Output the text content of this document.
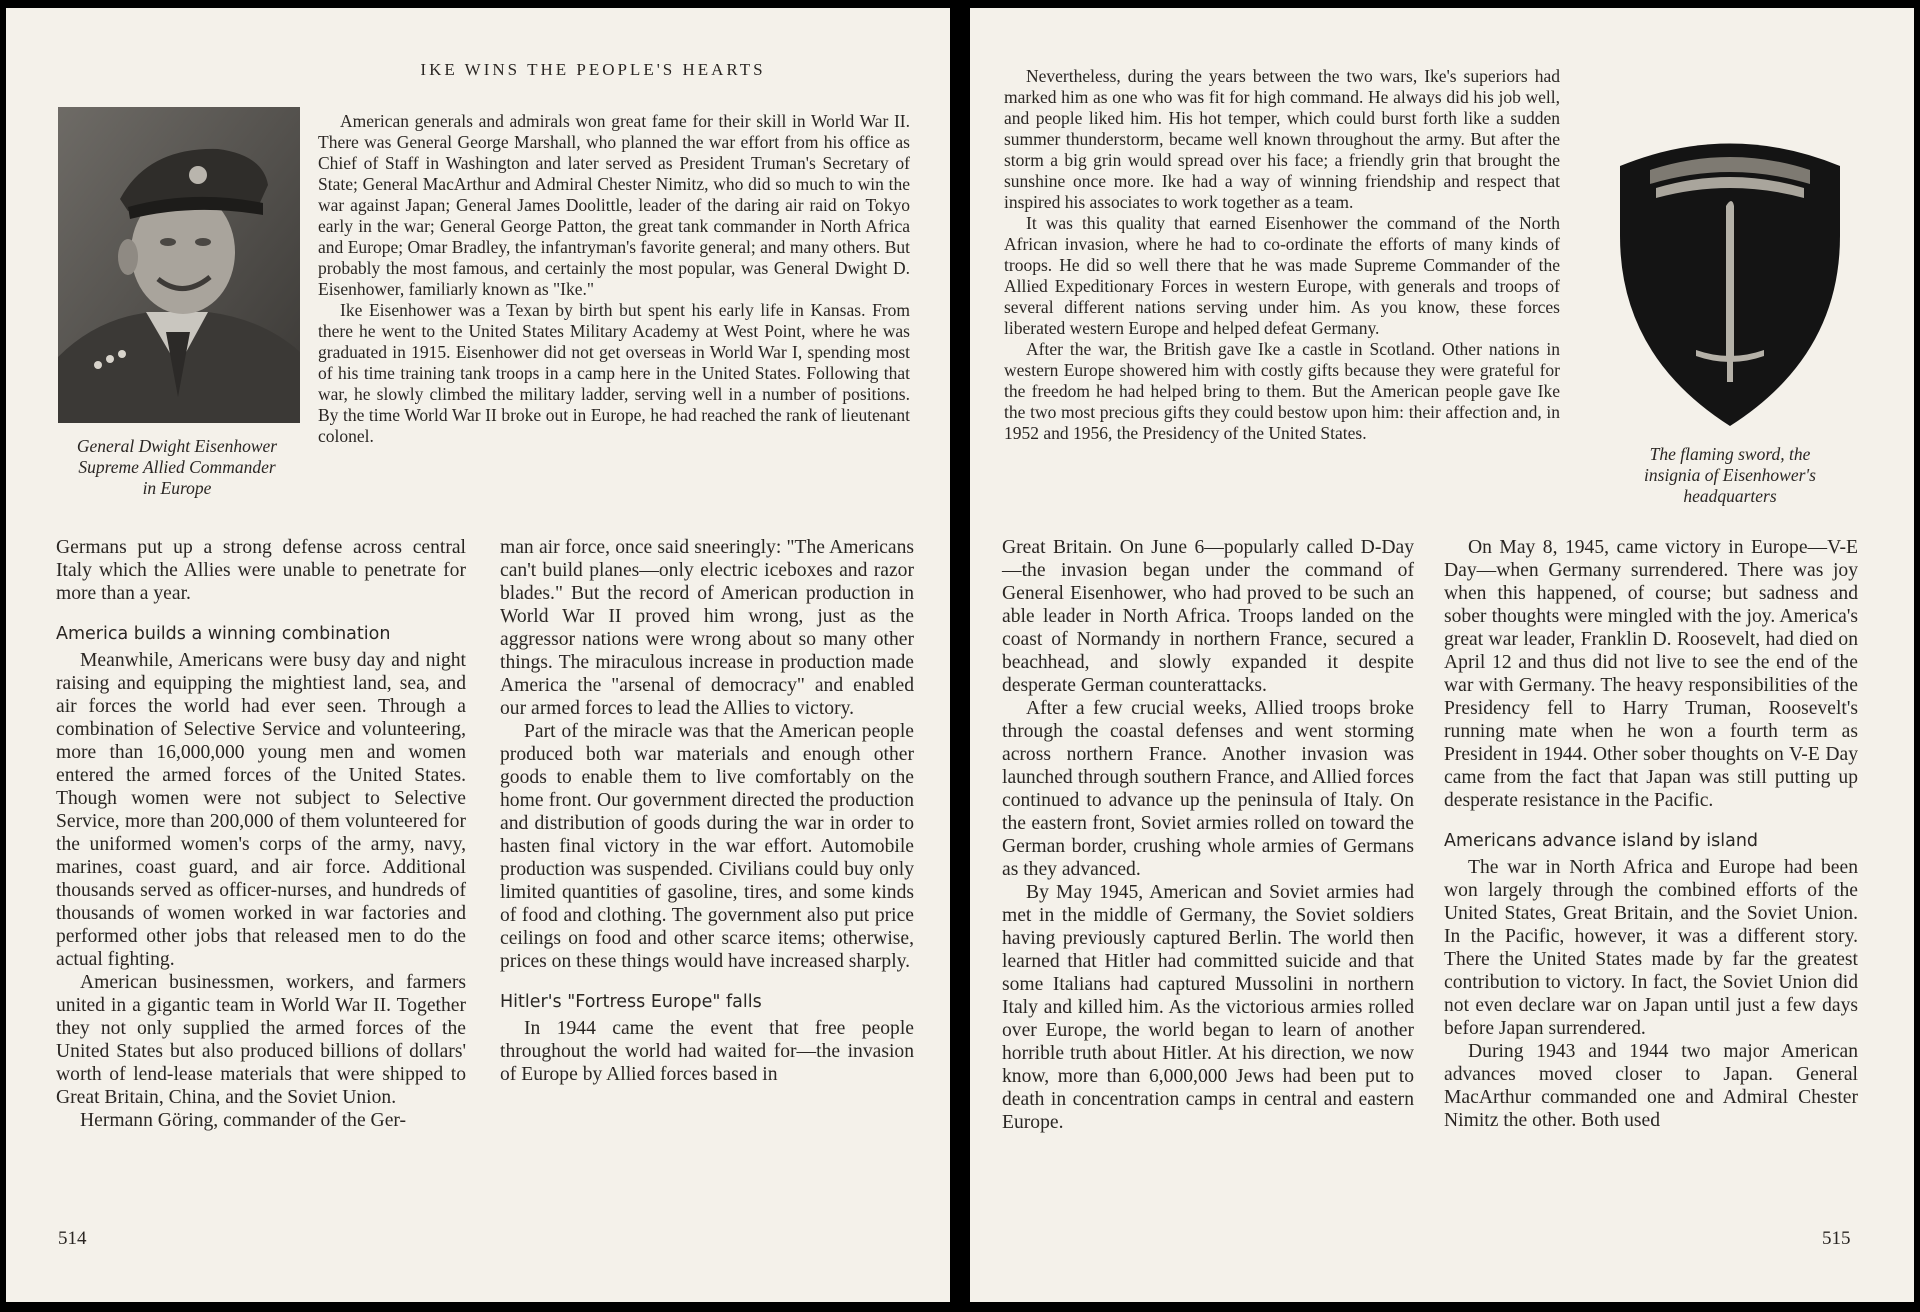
IKE WINS THE PEOPLE'S HEARTS
General Dwight Eisenhower
Supreme Allied Commander
in Europe

American generals and admirals won great fame for their skill in World War II. There was General George Marshall, who planned the war effort from his office as Chief of Staff in Washington and later served as President Truman's Secretary of State; General MacArthur and Admiral Chester Nimitz, who did so much to win the war against Japan; General James Doolittle, leader of the daring air raid on Tokyo early in the war; General George Patton, the great tank commander in North Africa and Europe; Omar Bradley, the infantryman's favorite general; and many others. But probably the most famous, and certainly the most popular, was General Dwight D. Eisenhower, familiarly known as "Ike."

Ike Eisenhower was a Texan by birth but spent his early life in Kansas. From there he went to the United States Military Academy at West Point, where he was graduated in 1915. Eisenhower did not get overseas in World War I, spending most of his time training tank troops in a camp here in the United States. Following that war, he slowly climbed the military ladder, serving well in a number of positions. By the time World War II broke out in Europe, he had reached the rank of lieutenant colonel.

Germans put up a strong defense across central Italy which the Allies were unable to penetrate for more than a year.

America builds a winning combination

Meanwhile, Americans were busy day and night raising and equipping the mightiest land, sea, and air forces the world had ever seen. Through a combination of Selective Service and volunteering, more than 16,000,000 young men and women entered the armed forces of the United States. Though women were not subject to Selective Service, more than 200,000 of them volunteered for the uniformed women's corps of the army, navy, marines, coast guard, and air force. Additional thousands served as officer-nurses, and hundreds of thousands of women worked in war factories and performed other jobs that released men to do the actual fighting.

American businessmen, workers, and farmers united in a gigantic team in World War II. Together they not only supplied the armed forces of the United States but also produced billions of dollars' worth of lend-lease materials that were shipped to Great Britain, China, and the Soviet Union.

Hermann Göring, commander of the Ger-

man air force, once said sneeringly: "The Americans can't build planes—only electric iceboxes and razor blades." But the record of American production in World War II proved him wrong, just as the aggressor nations were wrong about so many other things. The miraculous increase in production made America the "arsenal of democracy" and enabled our armed forces to lead the Allies to victory.

Part of the miracle was that the American people produced both war materials and enough other goods to enable them to live comfortably on the home front. Our government directed the production and distribution of goods during the war in order to hasten final victory in the war effort. Automobile production was suspended. Civilians could buy only limited quantities of gasoline, tires, and some kinds of food and clothing. The government also put price ceilings on food and other scarce items; otherwise, prices on these things would have increased sharply.

Hitler's "Fortress Europe" falls

In 1944 came the event that free people throughout the world had waited for—the invasion of Europe by Allied forces based in

514

Nevertheless, during the years between the two wars, Ike's superiors had marked him as one who was fit for high command. He always did his job well, and people liked him. His hot temper, which could burst forth like a sudden summer thunderstorm, became well known throughout the army. But after the storm a big grin would spread over his face; a friendly grin that brought the sunshine once more. Ike had a way of winning friendship and respect that inspired his associates to work together as a team.

It was this quality that earned Eisenhower the command of the North African invasion, where he had to co-ordinate the efforts of many kinds of troops. He did so well there that he was made Supreme Commander of the Allied Expeditionary Forces in western Europe, with generals and troops of several different nations serving under him. As you know, these forces liberated western Europe and helped defeat Germany.

After the war, the British gave Ike a castle in Scotland. Other nations in western Europe showered him with costly gifts because they were grateful for the freedom he had helped bring to them. But the American people gave Ike the two most precious gifts they could bestow upon him: their affection and, in 1952 and 1956, the Presidency of the United States.

The flaming sword, the
insignia of Eisenhower's
headquarters

Great Britain. On June 6—popularly called D-Day—the invasion began under the command of General Eisenhower, who had proved to be such an able leader in North Africa. Troops landed on the coast of Normandy in northern France, secured a beachhead, and slowly expanded it despite desperate German counterattacks.

After a few crucial weeks, Allied troops broke through the coastal defenses and went storming across northern France. Another invasion was launched through southern France, and Allied forces continued to advance up the peninsula of Italy. On the eastern front, Soviet armies rolled on toward the German border, crushing whole armies of Germans as they advanced.

By May 1945, American and Soviet armies had met in the middle of Germany, the Soviet soldiers having previously captured Berlin. The world then learned that Hitler had committed suicide and that some Italians had captured Mussolini in northern Italy and killed him. As the victorious armies rolled over Europe, the world began to learn of another horrible truth about Hitler. At his direction, we now know, more than 6,000,000 Jews had been put to death in concentration camps in central and eastern Europe.

On May 8, 1945, came victory in Europe—V-E Day—when Germany surrendered. There was joy when this happened, of course; but sadness and sober thoughts were mingled with the joy. America's great war leader, Franklin D. Roosevelt, had died on April 12 and thus did not live to see the end of the war with Germany. The heavy responsibilities of the Presidency fell to Harry Truman, Roosevelt's running mate when he won a fourth term as President in 1944. Other sober thoughts on V-E Day came from the fact that Japan was still putting up desperate resistance in the Pacific.

Americans advance island by island

The war in North Africa and Europe had been won largely through the combined efforts of the United States, Great Britain, and the Soviet Union. In the Pacific, however, it was a different story. There the United States made by far the greatest contribution to victory. In fact, the Soviet Union did not even declare war on Japan until just a few days before Japan surrendered.

During 1943 and 1944 two major American advances moved closer to Japan. General MacArthur commanded one and Admiral Chester Nimitz the other. Both used

515
